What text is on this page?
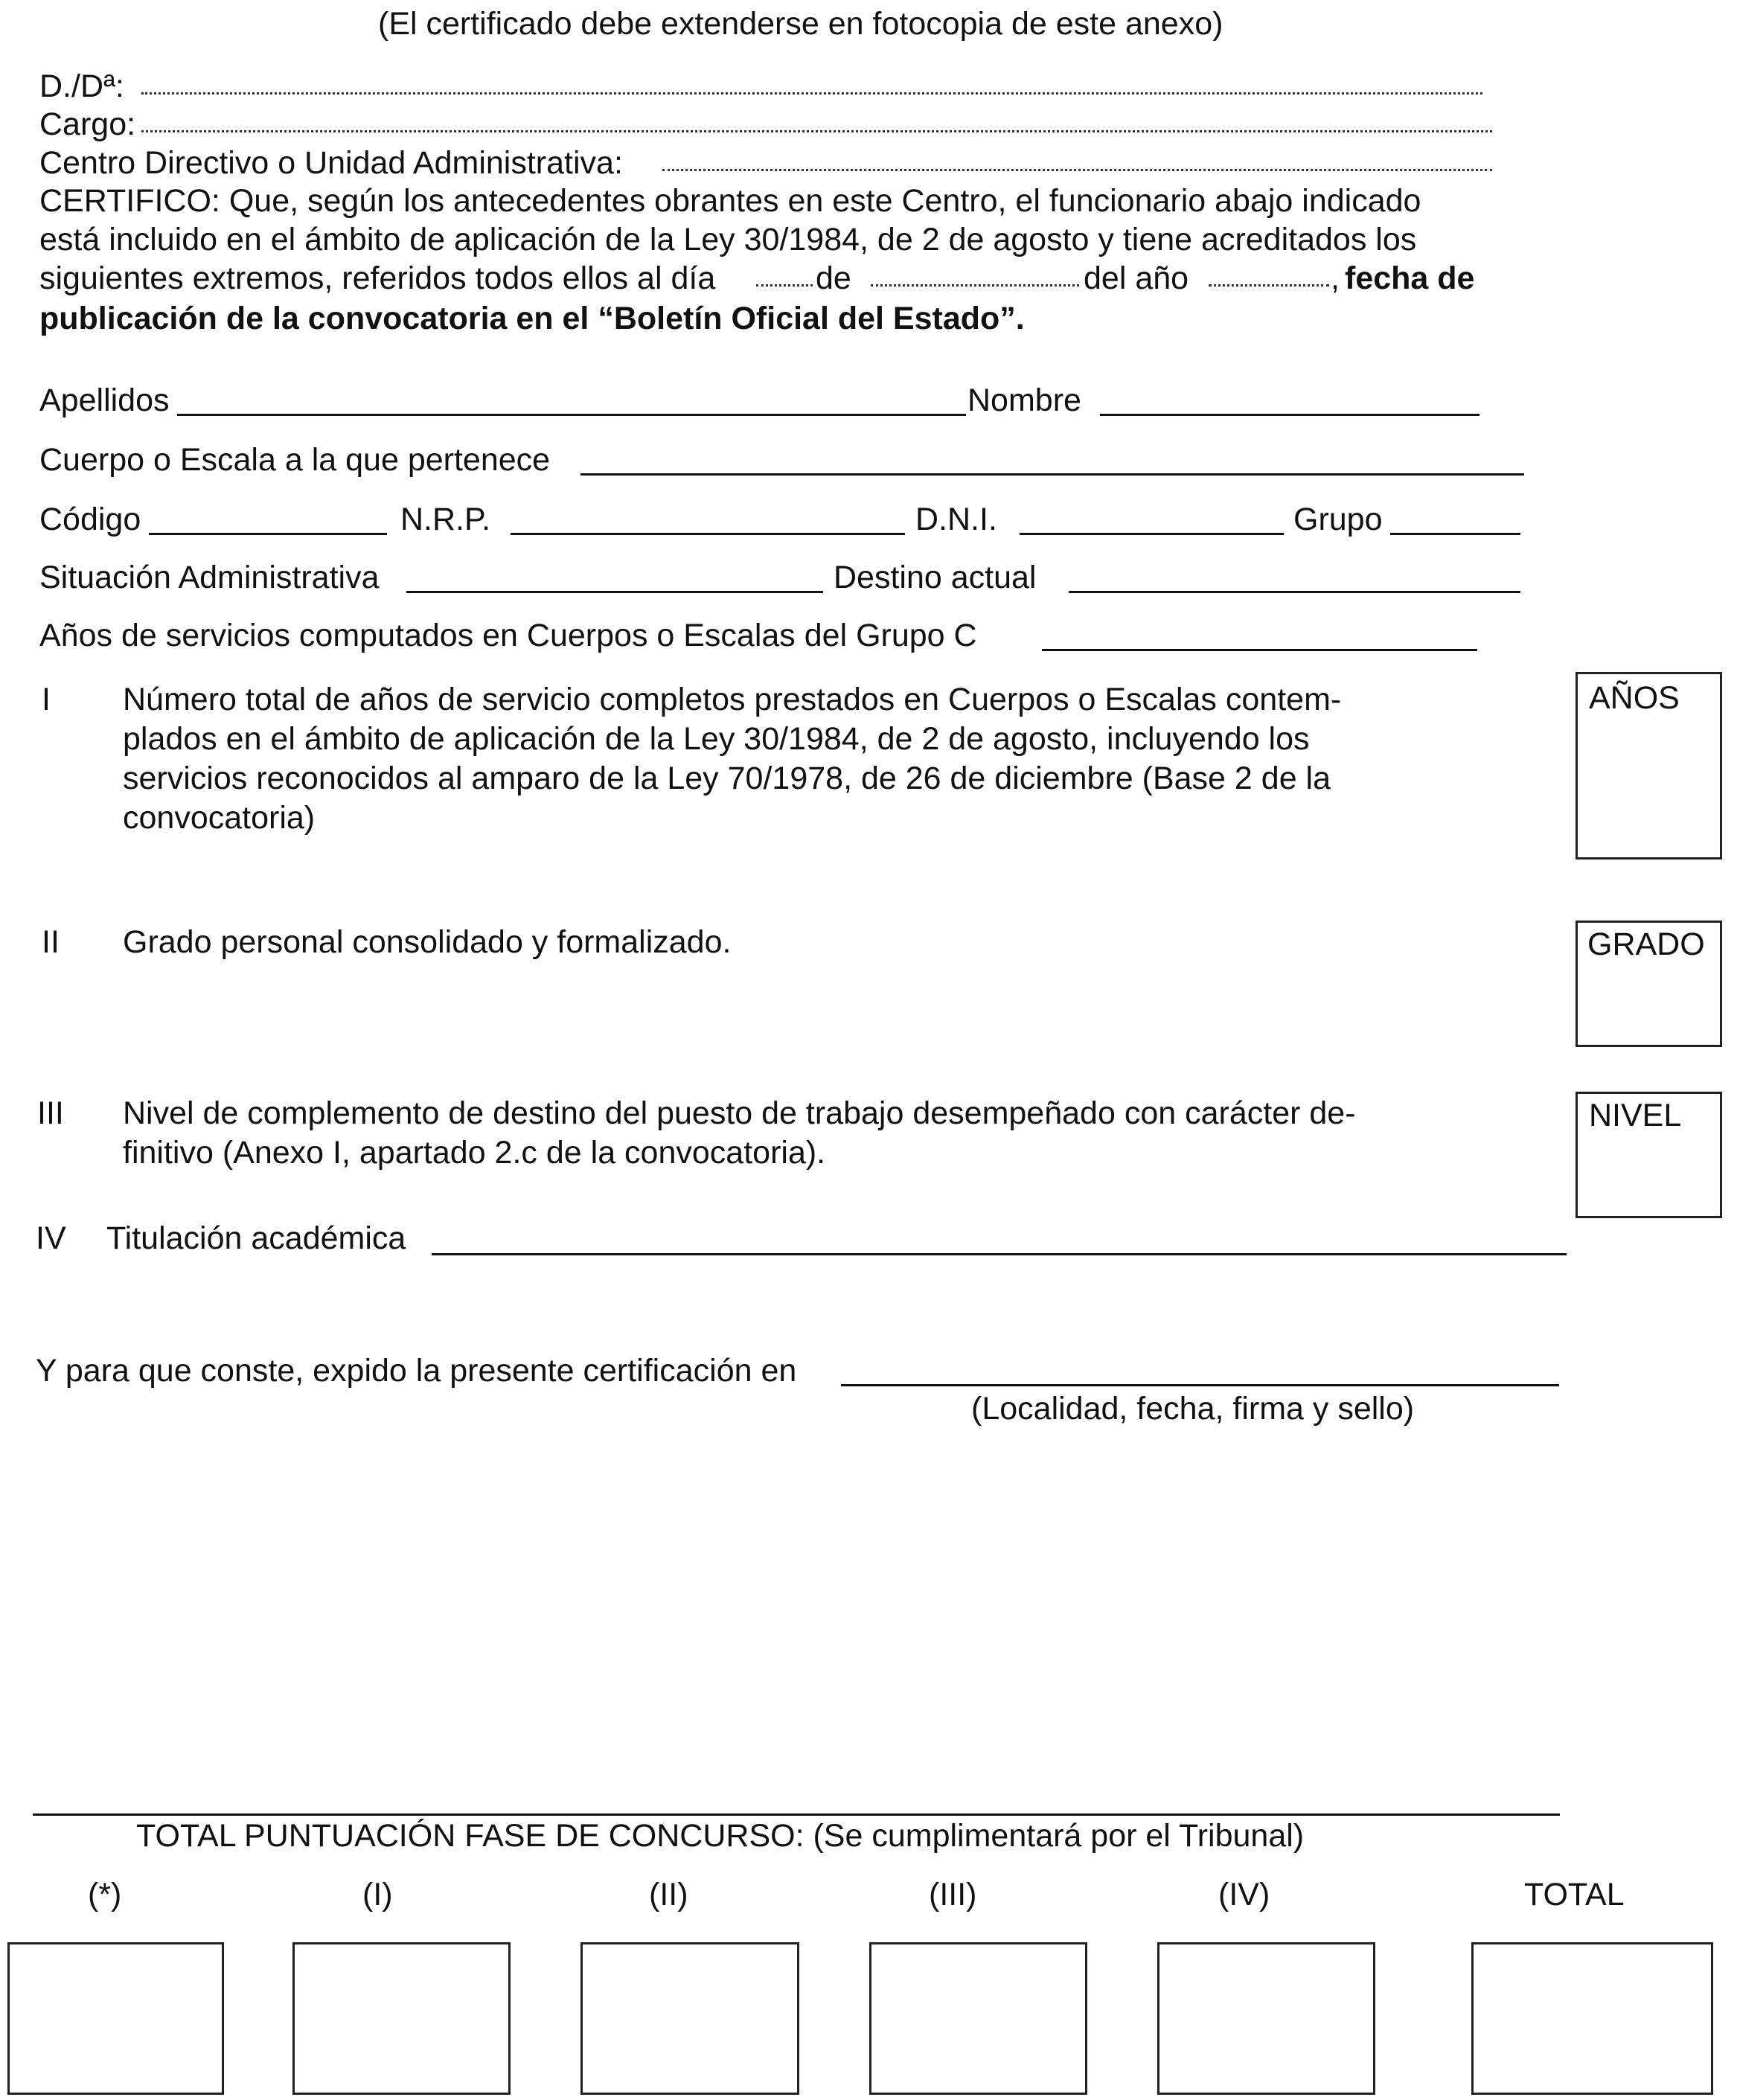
(El certificado debe extenderse en fotocopia de este anexo)
D./Dª:
Cargo:
Centro Directivo o Unidad Administrativa:
CERTIFICO: Que, según los antecedentes obrantes en este Centro, el funcionario abajo indicado
está incluido en el ámbito de aplicación de la Ley 30/1984, de 2 de agosto y tiene acreditados los
siguientes extremos, referidos todos ellos al día	de	del año	, fecha de
publicación de la convocatoria en el “Boletín Oficial del Estado”.
Apellidos	Nombre
Cuerpo o Escala a la que pertenece
Código	N.R.P.	D.N.I.	Grupo
Situación Administrativa	Destino actual
Años de servicios computados en Cuerpos o Escalas del Grupo C
I Número total de años de servicio completos prestados en Cuerpos o Escalas contem-
plados en el ámbito de aplicación de la Ley 30/1984, de 2 de agosto, incluyendo los
servicios reconocidos al amparo de la Ley 70/1978, de 26 de diciembre (Base 2 de la
convocatoria)
AÑOS
II Grado personal consolidado y formalizado.	GRADO
III Nivel de complemento de destino del puesto de trabajo desempeñado con carácter de-
finitivo (Anexo I, apartado 2.c de la convocatoria).
NIVEL
IV Titulación académica
Y para que conste, expido la presente certificación en
(Localidad, fecha, firma y sello)
TOTAL PUNTUACIÓN FASE DE CONCURSO: (Se cumplimentará por el Tribunal)
(*)	(I)	(II)	(III)	(IV)	TOTAL
